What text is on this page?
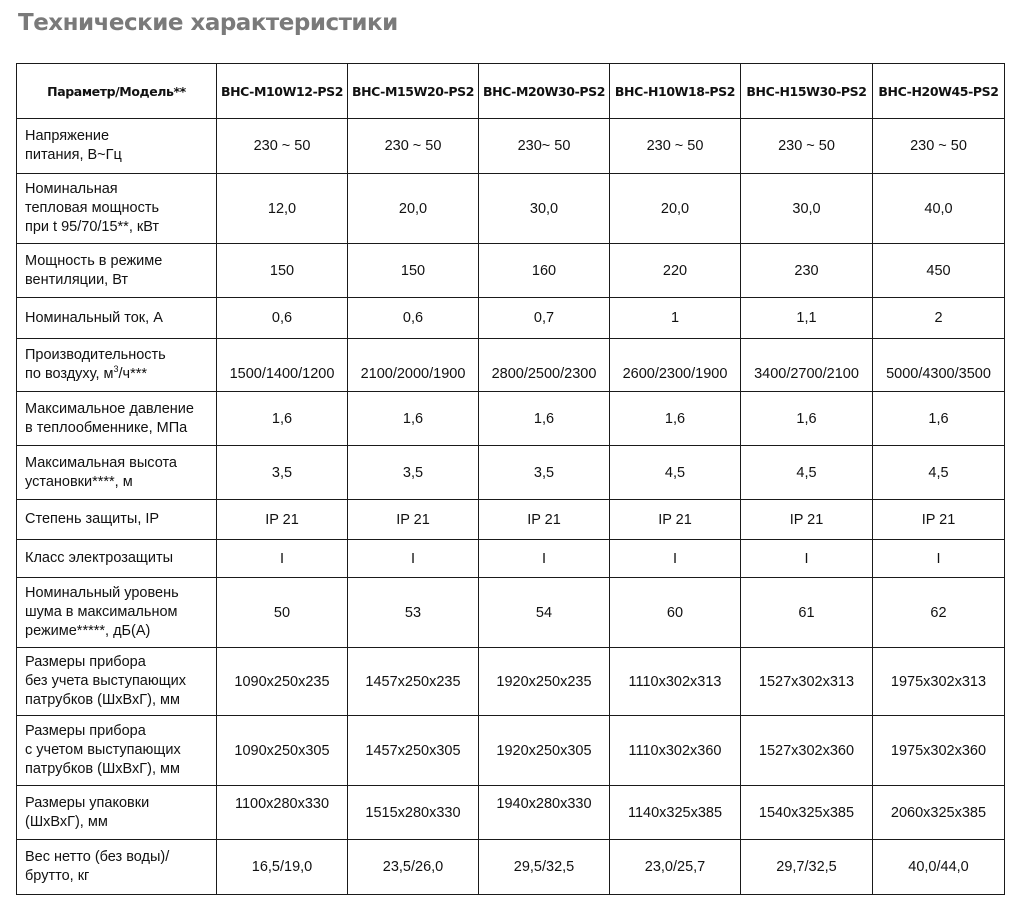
Технические характеристики
Параметр/Модель**	BHC-M10W12-PS2	BHC-M15W20-PS2	BHC-M20W30-PS2	BHC-H10W18-PS2	BHC-H15W30-PS2	BHC-H20W45-PS2

Напряжение
питания, В~Гц	230 ~ 50	230 ~ 50	230~ 50	230 ~ 50	230 ~ 50	230 ~ 50

Номинальная
тепловая мощность
при t 95/70/15**, кВт	12,0	20,0	30,0	20,0	30,0	40,0

Мощность в режиме
вентиляции, Вт	150	150	160	220	230	450

Номинальный ток, А	0,6	0,6	0,7	1	1,1	2

Производительность
по воздуху, $м^3/ч***$	1500/1400/1200	2100/2000/1900	2800/2500/2300	2600/2300/1900	3400/2700/2100	5000/4300/3500

Максимальное давление
в теплообменнике, МПа	1,6	1,6	1,6	1,6	1,6	1,6

Максимальная высота
установки****, м	3,5	3,5	3,5	4,5	4,5	4,5

Степень защиты, IP	IP 21	IP 21	IP 21	IP 21	IP 21	IP 21

Класс электрозащиты	I	I	I	I	I	I

Номинальный уровень
шума в максимальном
режиме*****, дБ(А)	50	53	54	60	61	62

Размеры прибора
без учета выступающих
патрубков (ШхВхГ), мм	1090x250x235	1457x250x235	1920x250x235	1110x302x313	1527x302x313	1975x302x313

Размеры прибора
с учетом выступающих
патрубков (ШхВхГ), мм	1090x250x305	1457x250x305	1920x250x305	1110x302x360	1527x302x360	1975x302x360

Размеры упаковки
(ШхВхГ), мм	1100x280x330	1515x280x330	1940x280x330	1140x325x385	1540x325x385	2060x325x385

Вес нетто (без воды)/
брутто, кг	16,5/19,0	23,5/26,0	29,5/32,5	23,0/25,7	29,7/32,5	40,0/44,0
